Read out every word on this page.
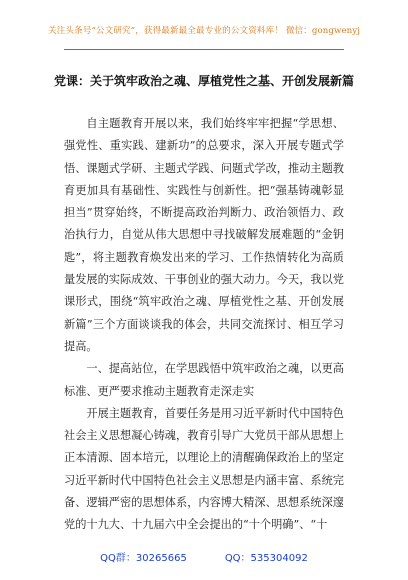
关注头条号“公文研究”，获得最新最全最专业的公文资料库！ 微信：gongwenyj
党课：关于筑牢政治之魂、厚植党性之基、开创发展新篇

自主题教育开展以来，我们始终牢牢把握“学思想、强党性、重实践、建新功”的总要求，深入开展专题式学悟、课题式学研、主题式学践、问题式学改，推动主题教育更加具有基础性、实践性与创新性。把“强基铸魂彰显担当”贯穿始终，不断提高政治判断力、政治领悟力、政治执行力，自觉从伟大思想中寻找破解发展难题的“金钥匙”，将主题教育焕发出来的学习、工作热情转化为高质量发展的实际成效、干事创业的强大动力。今天，我以党课形式，围绕“筑牢政治之魂、厚植党性之基、开创发展新篇”三个方面谈谈我的体会，共同交流探讨、相互学习提高。

一、提高站位，在学思践悟中筑牢政治之魂，以更高标准、更严要求推动主题教育走深走实

开展主题教育，首要任务是用习近平新时代中国特色社会主义思想凝心铸魂，教育引导广大党员干部从思想上正本清源、固本培元，以理论上的清醒确保政治上的坚定习近平新时代中国特色社会主义思想是内涵丰富、系统完备、逻辑严密的思想体系，内容博大精深、思想系统深邃党的十九大、十九届六中全会提出的“十个明确”、“十

QQ群：30265665	QQ：535304092
